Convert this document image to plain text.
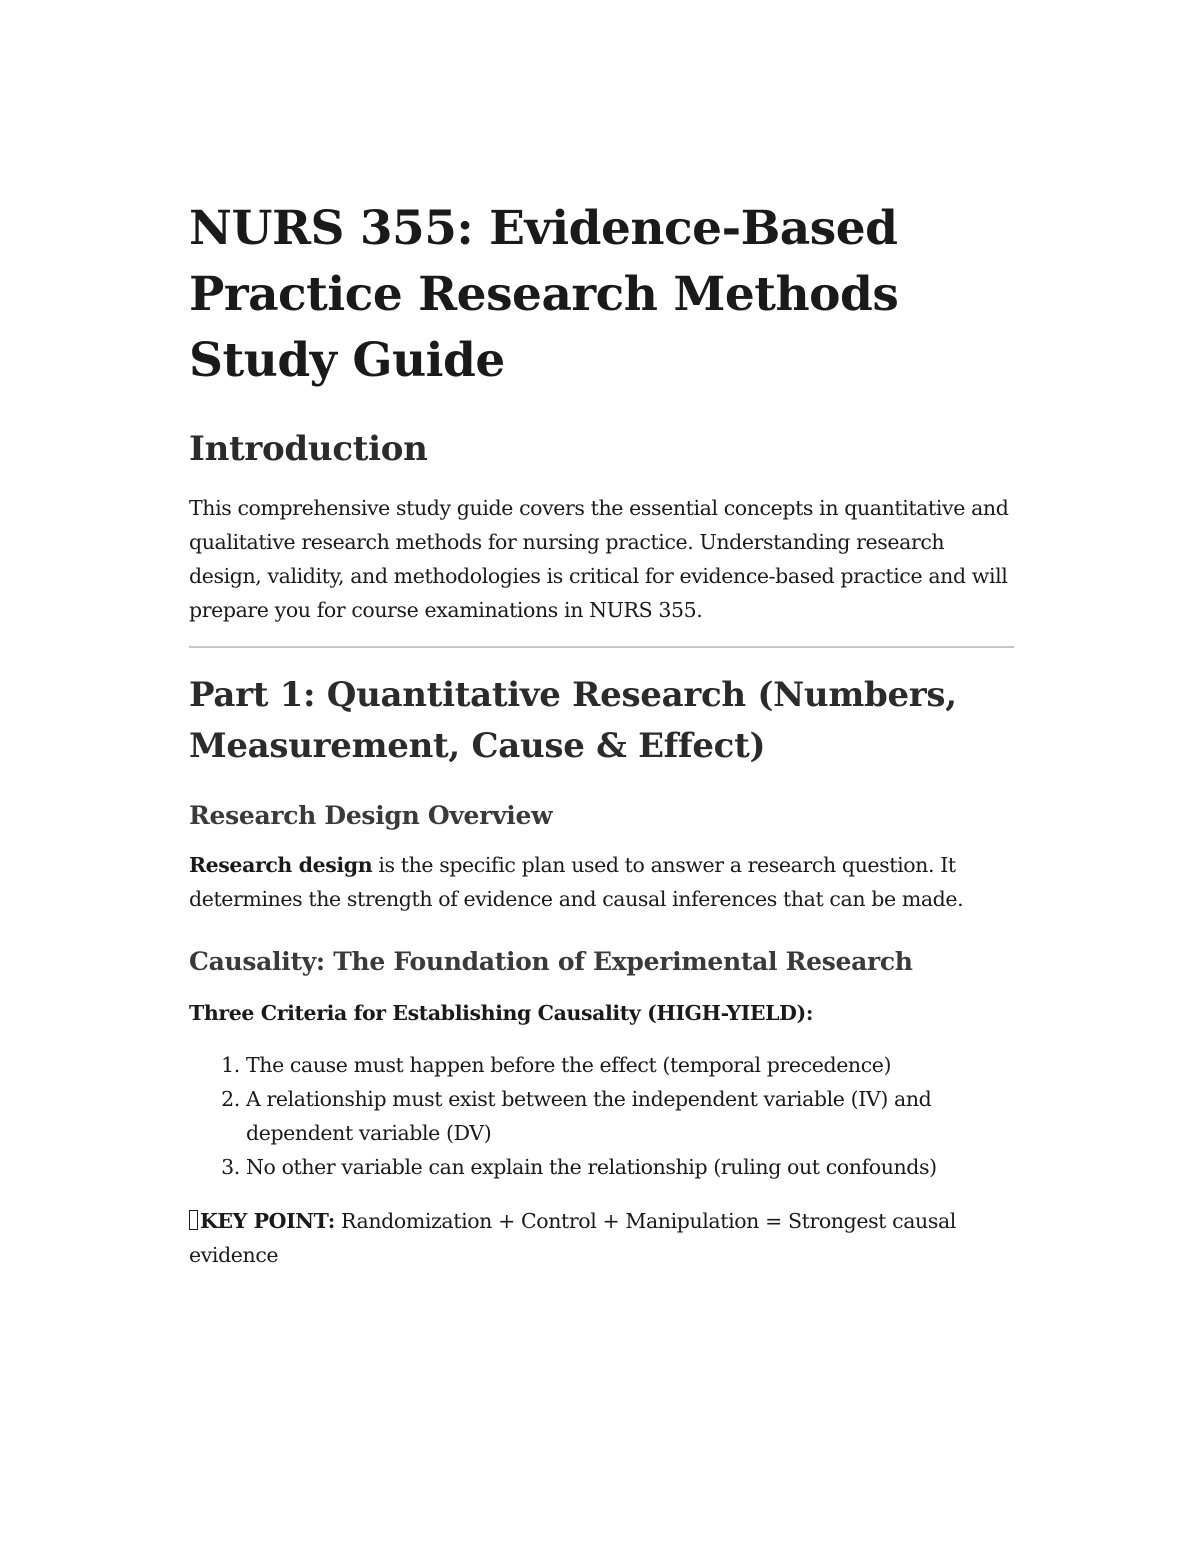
NURS 355: Evidence-Based Practice Research Methods Study Guide
Introduction

This comprehensive study guide covers the essential concepts in quantitative and qualitative research methods for nursing practice. Understanding research design, validity, and methodologies is critical for evidence-based practice and will prepare you for course examinations in NURS 355.

Part 1: Quantitative Research (Numbers, Measurement, Cause & Effect)
Research Design Overview

Research design is the specific plan used to answer a research question. It determines the strength of evidence and causal inferences that can be made.

Causality: The Foundation of Experimental Research

Three Criteria for Establishing Causality (HIGH-YIELD):

1. The cause must happen before the effect (temporal precedence)
2. A relationship must exist between the independent variable (IV) and dependent variable (DV)
3. No other variable can explain the relationship (ruling out confounds)

KEY POINT: Randomization + Control + Manipulation = Strongest causal evidence
